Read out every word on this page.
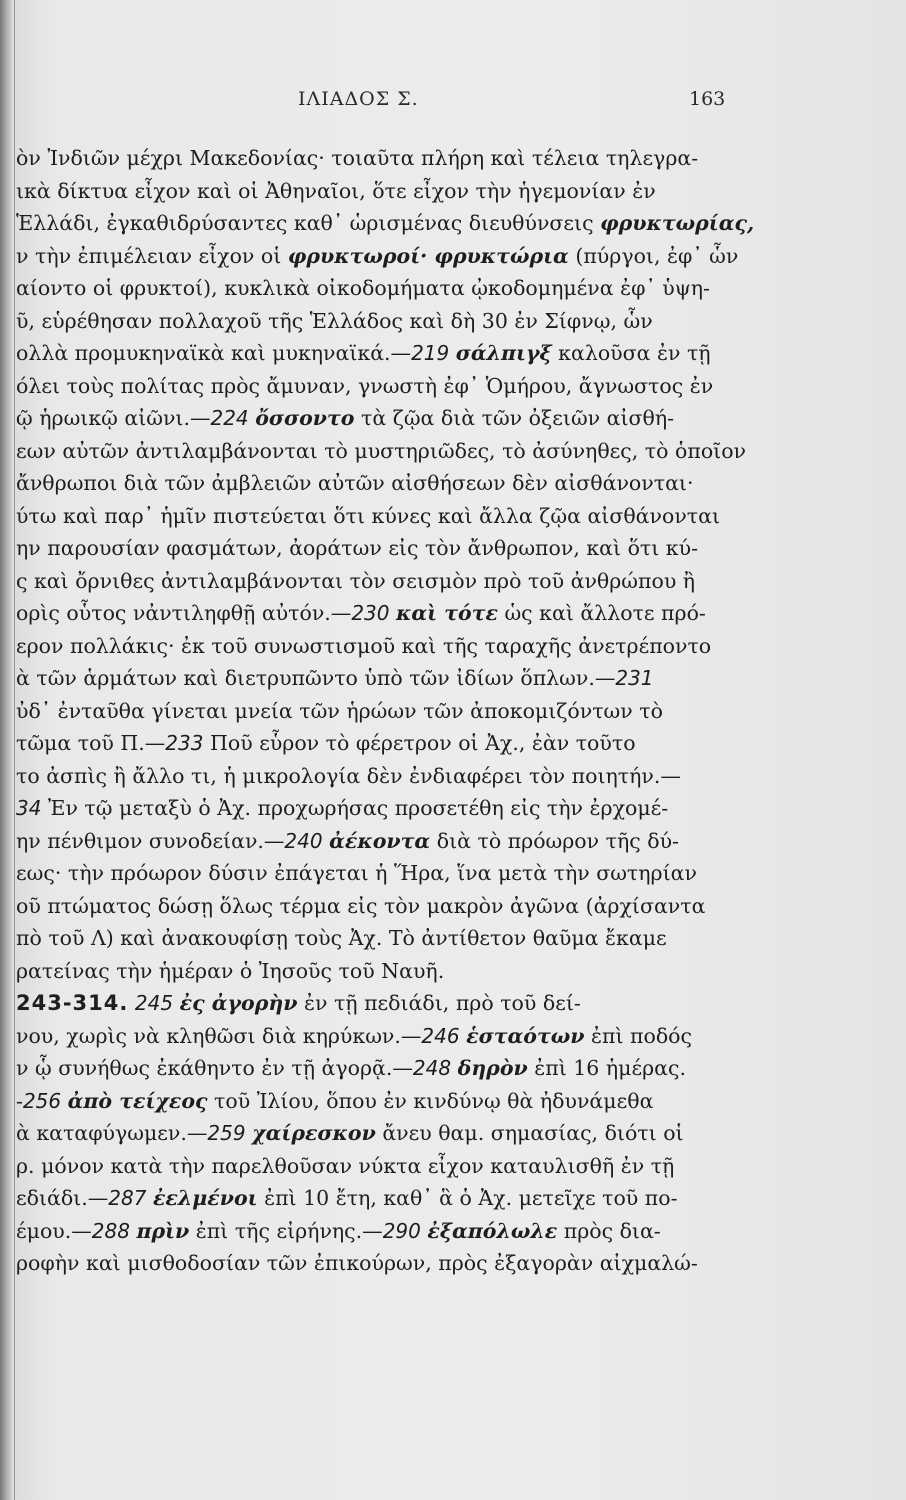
ΙΛΙΑΔΟΣ Σ.	163
ὸν Ἰνδιῶν μέχρι Μακεδονίας· τοιαῦτα πλήρη καὶ τέλεια τηλεγρα-
ικὰ δίκτυα εἶχον καὶ οἱ Ἀθηναῖοι, ὅτε εἶχον τὴν ἡγεμονίαν ἐν
Ἑλλάδι, ἐγκαθιδρύσαντες καθ᾽ ὡρισμένας διευθύνσεις φρυκτωρίας,
ν τὴν ἐπιμέλειαν εἶχον οἱ φρυκτωροί· φρυκτώρια (πύργοι, ἐφ᾽ ὧν
αίοντο οἱ φρυκτοί), κυκλικὰ οἰκοδομήματα ᾠκοδομημένα ἐφ᾽ ὑψη-
ῦ, εὑρέθησαν πολλαχοῦ τῆς Ἑλλάδος καὶ δὴ 30 ἐν Σίφνῳ, ὧν
ολλὰ προμυκηναϊκὰ καὶ μυκηναϊκά.—219 σάλπιγξ καλοῦσα ἐν τῇ
όλει τοὺς πολίτας πρὸς ἄμυναν, γνωστὴ ἐφ᾽ Ὁμήρου, ἄγνωστος ἐν
ῷ ἡρωικῷ αἰῶνι.—224 ὄσσοντο τὰ ζῷα διὰ τῶν ὀξειῶν αἰσθή-
εων αὐτῶν ἀντιλαμβάνονται τὸ μυστηριῶδες, τὸ ἀσύνηθες, τὸ ὁποῖον
ἄνθρωποι διὰ τῶν ἀμβλειῶν αὐτῶν αἰσθήσεων δὲν αἰσθάνονται·
ύτω καὶ παρ᾽ ἡμῖν πιστεύεται ὅτι κύνες καὶ ἄλλα ζῷα αἰσθάνονται
ην παρουσίαν φασμάτων, ἀοράτων εἰς τὸν ἄνθρωπον, καὶ ὅτι κύ-
ς καὶ ὄρνιθες ἀντιλαμβάνονται τὸν σεισμὸν πρὸ τοῦ ἀνθρώπου ἢ
ορὶς οὗτος νἀντιληφθῇ αὐτόν.—230 καὶ τότε ὡς καὶ ἄλλοτε πρό-
ερον πολλάκις· ἐκ τοῦ συνωστισμοῦ καὶ τῆς ταραχῆς ἀνετρέποντο
ὰ τῶν ἁρμάτων καὶ διετρυπῶντο ὑπὸ τῶν ἰδίων ὅπλων.—231
ὐδ᾽ ἐνταῦθα γίνεται μνεία τῶν ἡρώων τῶν ἀποκομιζόντων τὸ
τῶμα τοῦ Π.—233 Ποῦ εὗρον τὸ φέρετρον οἱ Ἀχ., ἐὰν τοῦτο
το ἀσπὶς ἢ ἄλλο τι, ἡ μικρολογία δὲν ἐνδιαφέρει τὸν ποιητήν.—
34 Ἐν τῷ μεταξὺ ὁ Ἀχ. προχωρήσας προσετέθη εἰς τὴν ἐρχομέ-
ην πένθιμον συνοδείαν.—240 ἀέκοντα διὰ τὸ πρόωρον τῆς δύ-
εως· τὴν πρόωρον δύσιν ἐπάγεται ἡ Ἥρα, ἵνα μετὰ τὴν σωτηρίαν
οῦ πτώματος δώσῃ ὅλως τέρμα εἰς τὸν μακρὸν ἀγῶνα (ἀρχίσαντα
πὸ τοῦ Λ) καὶ ἀνακουφίσῃ τοὺς Ἀχ. Τὸ ἀντίθετον θαῦμα ἔκαμε
ρατείνας τὴν ἡμέραν ὁ Ἰησοῦς τοῦ Ναυῆ.
243-314. 245 ἐς ἀγορὴν ἐν τῇ πεδιάδι, πρὸ τοῦ δεί-
νου, χωρὶς νὰ κληθῶσι διὰ κηρύκων.—246 ἑσταότων ἐπὶ ποδός
ν ᾧ συνήθως ἐκάθηντο ἐν τῇ ἀγορᾷ.—248 δηρὸν ἐπὶ 16 ἡμέρας.
-256 ἀπὸ τείχεος τοῦ Ἰλίου, ὅπου ἐν κινδύνῳ θὰ ἠδυνάμεθα
ὰ καταφύγωμεν.—259 χαίρεσκον ἄνευ θαμ. σημασίας, διότι οἱ
ρ. μόνον κατὰ τὴν παρελθοῦσαν νύκτα εἶχον καταυλισθῆ ἐν τῇ
εδιάδι.—287 ἐελμένοι ἐπὶ 10 ἔτη, καθ᾽ ἃ ὁ Ἀχ. μετεῖχε τοῦ πο-
έμου.—288 πρὶν ἐπὶ τῆς εἰρήνης.—290 ἐξαπόλωλε πρὸς δια-
ροφὴν καὶ μισθοδοσίαν τῶν ἐπικούρων, πρὸς ἐξαγορὰν αἰχμαλώ-
